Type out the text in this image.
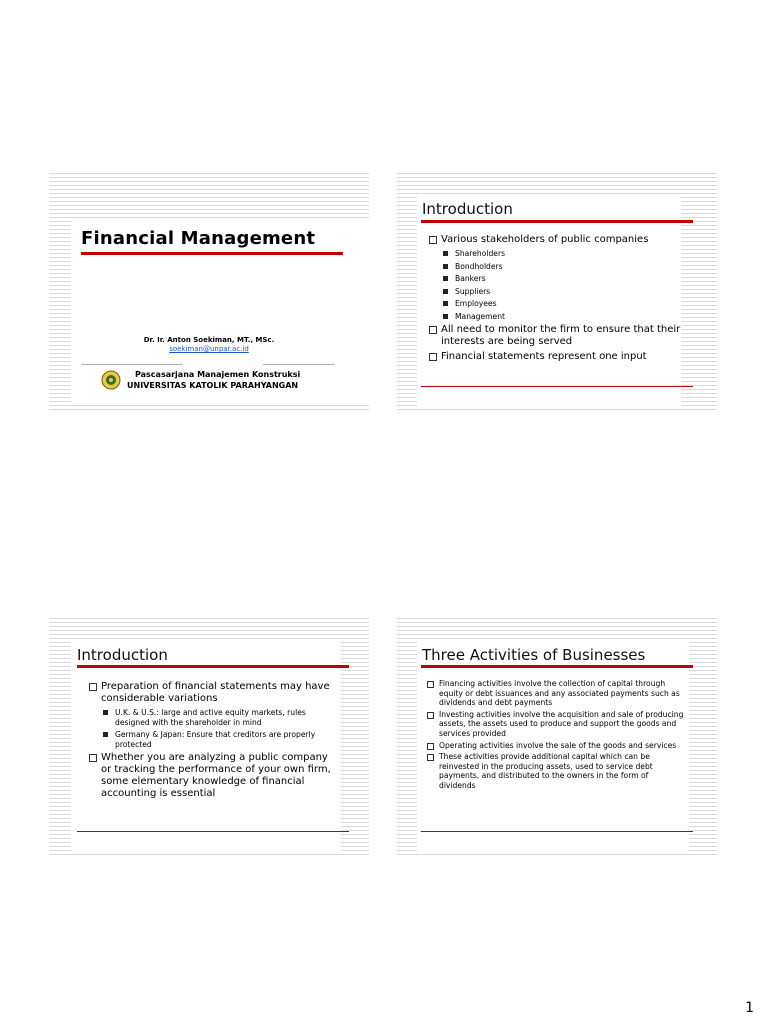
Financial Management
Dr. Ir. Anton Soekiman, MT., MSc.
soekiman@unpar.ac.id
Pascasarjana Manajemen Konstruksi
UNIVERSITAS KATOLIK PARAHYANGAN
Introduction
Various stakeholders of public companies
Shareholders
Bondholders
Bankers
Suppliers
Employees
Management
All need to monitor the firm to ensure that their interests are being served
Financial statements represent one input
Introduction
Preparation of financial statements may have considerable variations
U.K. & U.S.: large and active equity markets, rules designed with the shareholder in mind
Germany & Japan: Ensure that creditors are properly protected
Whether you are analyzing a public company or tracking the performance of your own firm, some elementary knowledge of financial accounting is essential
Three Activities of Businesses
Financing activities involve the collection of capital through equity or debt issuances and any associated payments such as dividends and debt payments
Investing activities involve the acquisition and sale of producing assets, the assets used to produce and support the goods and services provided
Operating activities involve the sale of the goods and services
These activities provide additional capital which can be reinvested in the producing assets, used to service debt payments, and distributed to the owners in the form of dividends
1
